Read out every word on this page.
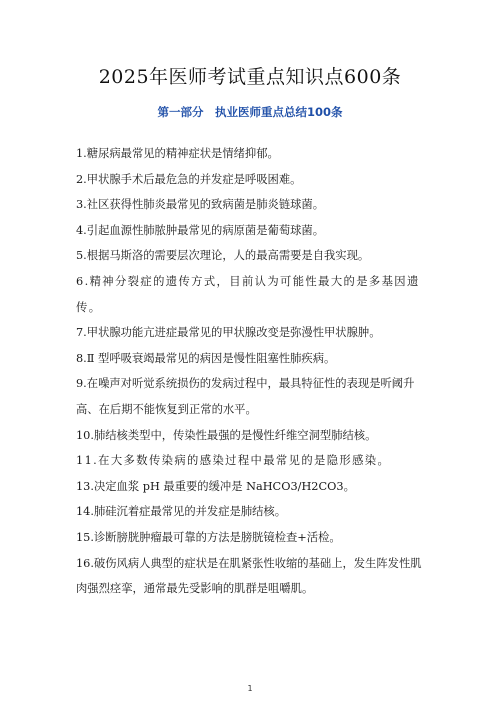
2025年医师考试重点知识点600条
第一部分　执业医师重点总结100条
1.糖尿病最常见的精神症状是情绪抑郁。
2.甲状腺手术后最危急的并发症是呼吸困难。
3.社区获得性肺炎最常见的致病菌是肺炎链球菌。
4.引起血源性肺脓肿最常见的病原菌是葡萄球菌。
5.根据马斯洛的需要层次理论，人的最高需要是自我实现。
6.精神分裂症的遗传方式，目前认为可能性最大的是多基因遗传。
7.甲状腺功能亢进症最常见的甲状腺改变是弥漫性甲状腺肿。
8.Ⅱ 型呼吸衰竭最常见的病因是慢性阻塞性肺疾病。
9.在噪声对听觉系统损伤的发病过程中，最具特征性的表现是听阈升高、在后期不能恢复到正常的水平。
10.肺结核类型中，传染性最强的是慢性纤维空洞型肺结核。
11.在大多数传染病的感染过程中最常见的是隐形感染。
13.决定血浆 pH 最重要的缓冲是 NaHCO3/H2CO3。
14.肺硅沉着症最常见的并发症是肺结核。
15.诊断膀胱肿瘤最可靠的方法是膀胱镜检查+活检。
16.破伤风病人典型的症状是在肌紧张性收缩的基础上，发生阵发性肌肉强烈痉挛，通常最先受影响的肌群是咀嚼肌。
1
